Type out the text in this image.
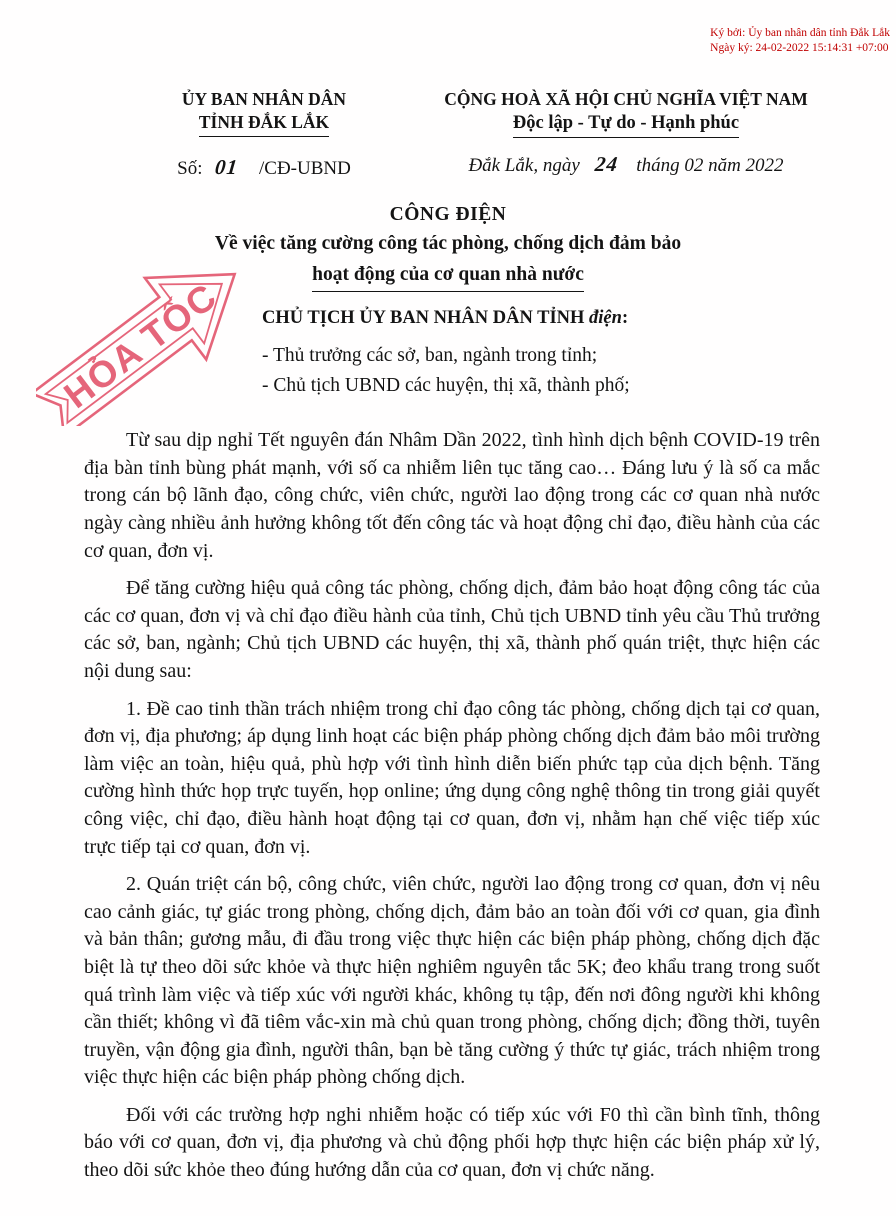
Ký bởi: Ủy ban nhân dân tỉnh Đắk Lắk
Ngày ký: 24-02-2022 15:14:31 +07:00
ỦY BAN NHÂN DÂN
TỈNH ĐẮK LẮK
Số: 01 /CĐ-UBND
CỘNG HOÀ XÃ HỘI CHỦ NGHĨA VIỆT NAM
Độc lập - Tự do - Hạnh phúc
Đắk Lắk, ngày 24 tháng 02 năm 2022
CÔNG ĐIỆN
Về việc tăng cường công tác phòng, chống dịch đảm bảo
hoạt động của cơ quan nhà nước
HỎA TỐC CHỦ TỊCH ỦY BAN NHÂN DÂN TỈNH điện:
- Thủ trưởng các sở, ban, ngành trong tỉnh;
- Chủ tịch UBND các huyện, thị xã, thành phố;

Từ sau dịp nghỉ Tết nguyên đán Nhâm Dần 2022, tình hình dịch bệnh COVID-19 trên địa bàn tỉnh bùng phát mạnh, với số ca nhiễm liên tục tăng cao… Đáng lưu ý là số ca mắc trong cán bộ lãnh đạo, công chức, viên chức, người lao động trong các cơ quan nhà nước ngày càng nhiều ảnh hưởng không tốt đến công tác và hoạt động chỉ đạo, điều hành của các cơ quan, đơn vị.

Để tăng cường hiệu quả công tác phòng, chống dịch, đảm bảo hoạt động công tác của các cơ quan, đơn vị và chỉ đạo điều hành của tỉnh, Chủ tịch UBND tỉnh yêu cầu Thủ trưởng các sở, ban, ngành; Chủ tịch UBND các huyện, thị xã, thành phố quán triệt, thực hiện các nội dung sau:

1. Đề cao tinh thần trách nhiệm trong chỉ đạo công tác phòng, chống dịch tại cơ quan, đơn vị, địa phương; áp dụng linh hoạt các biện pháp phòng chống dịch đảm bảo môi trường làm việc an toàn, hiệu quả, phù hợp với tình hình diễn biến phức tạp của dịch bệnh. Tăng cường hình thức họp trực tuyến, họp online; ứng dụng công nghệ thông tin trong giải quyết công việc, chỉ đạo, điều hành hoạt động tại cơ quan, đơn vị, nhằm hạn chế việc tiếp xúc trực tiếp tại cơ quan, đơn vị.

2. Quán triệt cán bộ, công chức, viên chức, người lao động trong cơ quan, đơn vị nêu cao cảnh giác, tự giác trong phòng, chống dịch, đảm bảo an toàn đối với cơ quan, gia đình và bản thân; gương mẫu, đi đầu trong việc thực hiện các biện pháp phòng, chống dịch đặc biệt là tự theo dõi sức khỏe và thực hiện nghiêm nguyên tắc 5K; đeo khẩu trang trong suốt quá trình làm việc và tiếp xúc với người khác, không tụ tập, đến nơi đông người khi không cần thiết; không vì đã tiêm vắc-xin mà chủ quan trong phòng, chống dịch; đồng thời, tuyên truyền, vận động gia đình, người thân, bạn bè tăng cường ý thức tự giác, trách nhiệm trong việc thực hiện các biện pháp phòng chống dịch.

Đối với các trường hợp nghi nhiễm hoặc có tiếp xúc với F0 thì cần bình tĩnh, thông báo với cơ quan, đơn vị, địa phương và chủ động phối hợp thực hiện các biện pháp xử lý, theo dõi sức khỏe theo đúng hướng dẫn của cơ quan, đơn vị chức năng.
